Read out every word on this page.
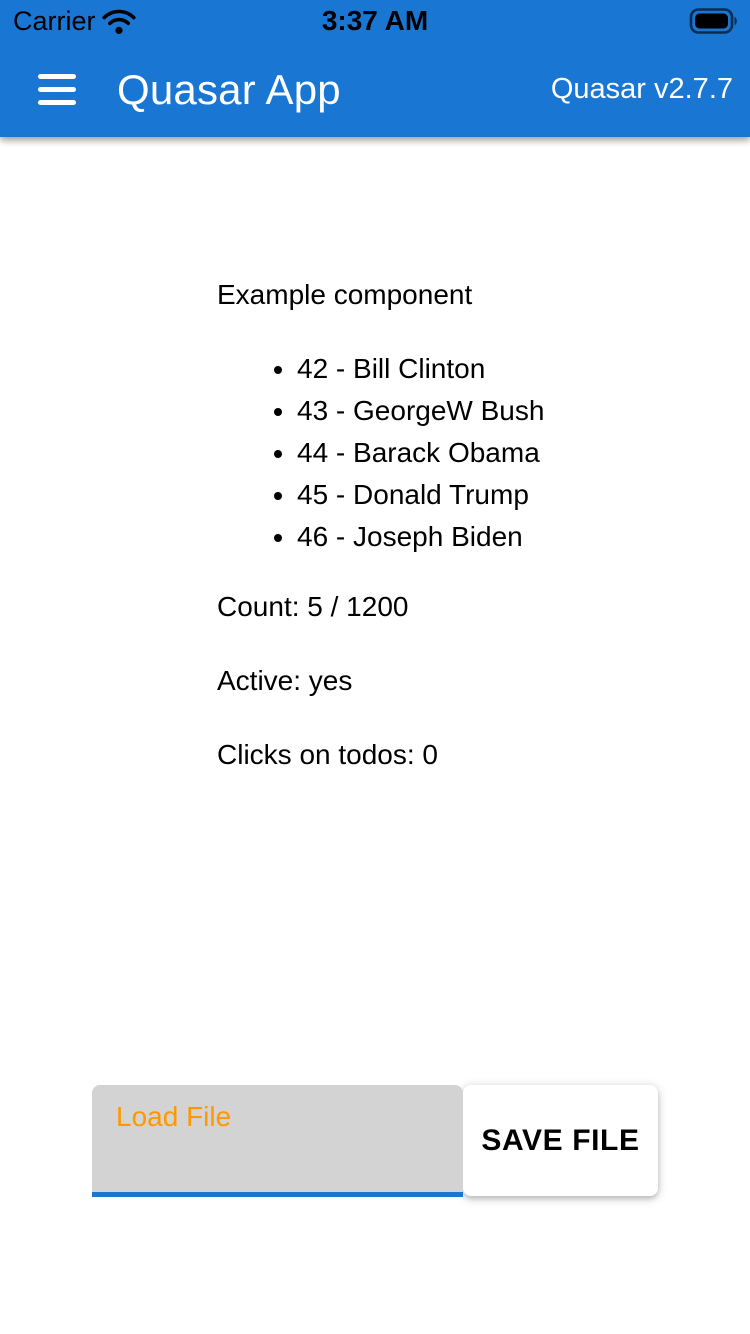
Carrier	3:37 AM
Quasar App	Quasar v2.7.7

Example component

• 42 - Bill Clinton
• 43 - GeorgeW Bush
• 44 - Barack Obama
• 45 - Donald Trump
• 46 - Joseph Biden

Count: 5 / 1200

Active: yes

Clicks on todos: 0

Load File
SAVE FILE
